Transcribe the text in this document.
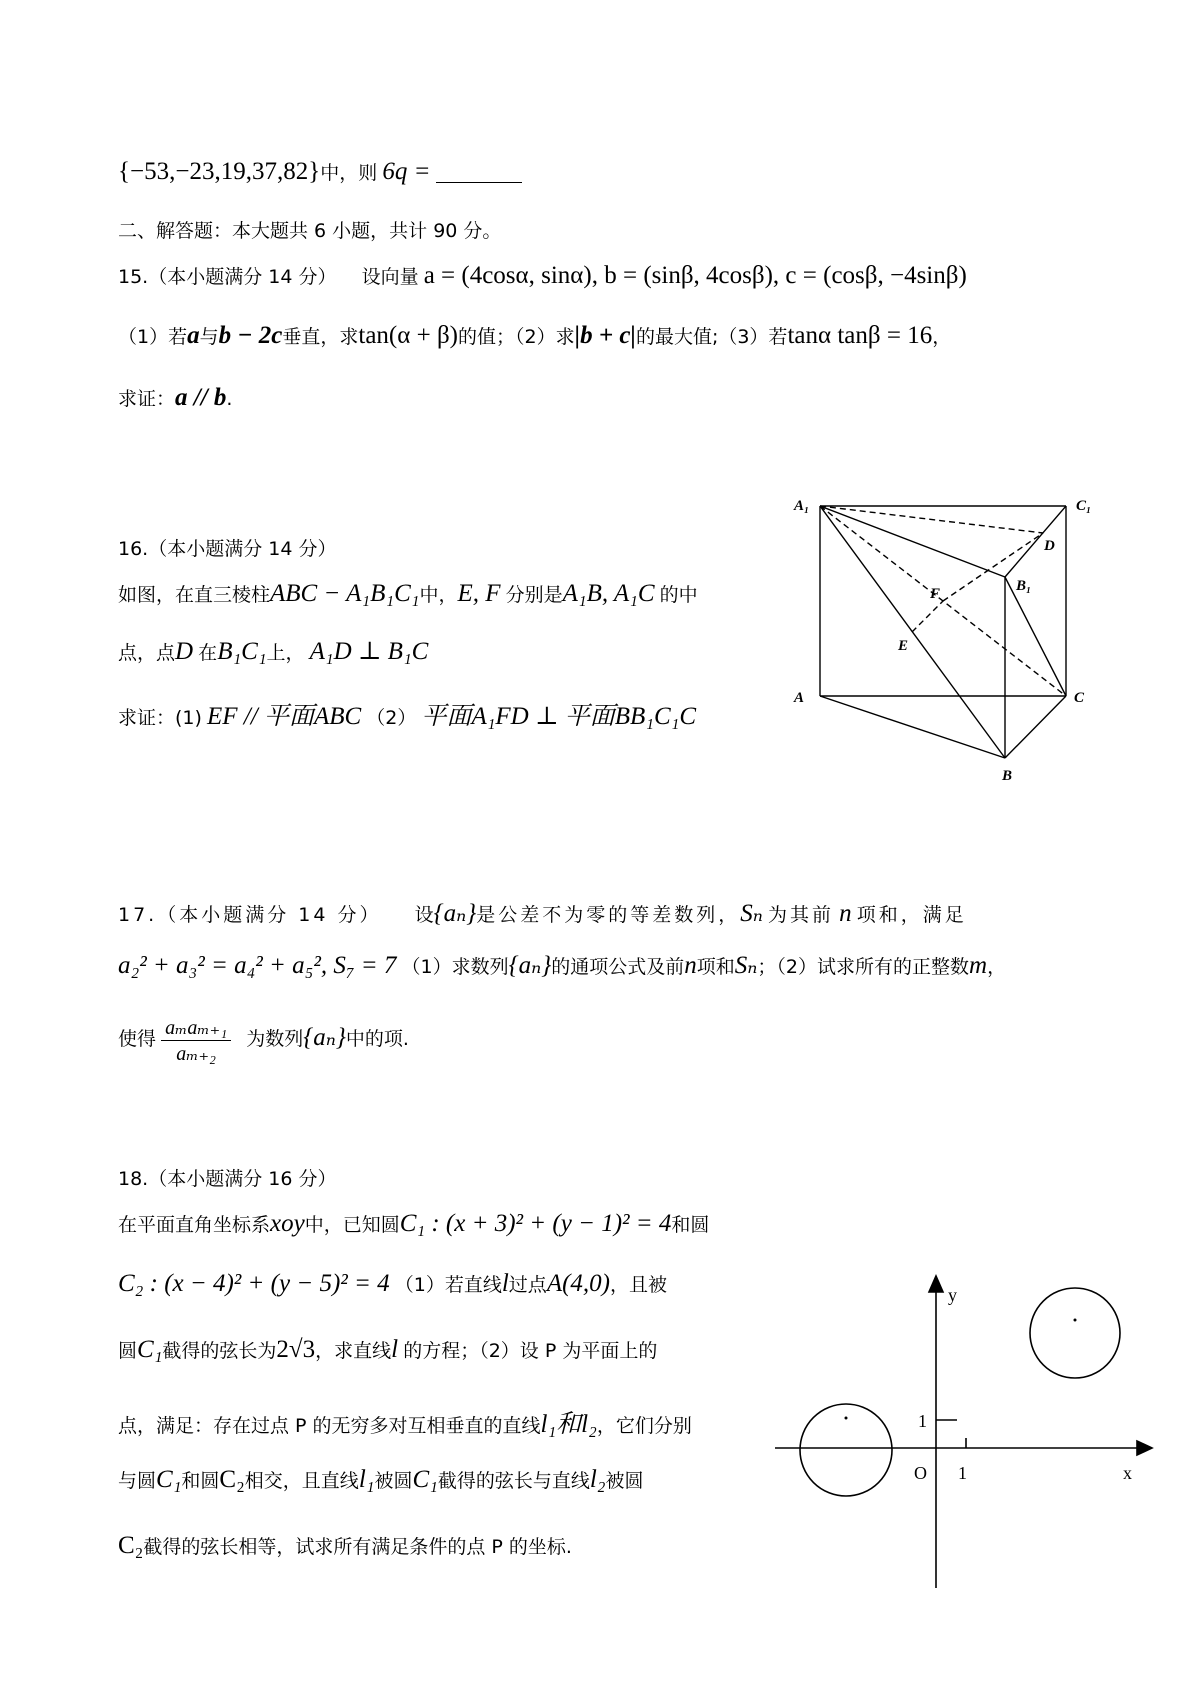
{−53,−23,19,37,82}中，则 6q =
二、解答题：本大题共 6 小题，共计 90 分。
15.（本小题满分 14 分） 设向量 a = (4cosα, sinα), b = (sinβ, 4cosβ), c = (cosβ, −4sinβ)
（1）若a与b − 2c垂直，求tan(α + β)的值；（2）求|b + c|的最大值;（3）若tanα tanβ = 16，
求证：a // b.
16.（本小题满分 14 分）
如图，在直三棱柱ABC − A₁B₁C₁中，E, F 分别是A₁B, A₁C 的中
点，点D 在B₁C₁上， A₁D ⊥ B₁C
求证：(1) EF // 平面ABC （2） 平面A₁FD ⊥ 平面BB₁C₁C
A₁	C₁
D
F	B₁
E
A	C
B
17.（本小题满分 14 分） 设{aₙ}是公差不为零的等差数列，Sₙ 为其前 n 项和，满足
a₂² + a₃² = a₄² + a₅², S₇ = 7 （1）求数列{aₙ}的通项公式及前n项和Sₙ；（2）试求所有的正整数m，
使得 $\frac{\text{aₘaₘ₊₁}}{\text{aₘ₊₂}}$ 为数列{aₙ}中的项.
18.（本小题满分 16 分）
在平面直角坐标系xoy中，已知圆C₁ : (x + 3)² + (y − 1)² = 4和圆
C₂ : (x − 4)² + (y − 5)² = 4 （1）若直线l过点A(4,0)，且被
圆C₁截得的弦长为2√3，求直线l 的方程；（2）设 P 为平面上的
点，满足：存在过点 P 的无穷多对互相垂直的直线l₁和l₂，它们分别
与圆C₁和圆C₂相交，且直线l₁被圆C₁截得的弦长与直线l₂被圆
C₂截得的弦长相等，试求所有满足条件的点 P 的坐标.
y
x
O 1
1
